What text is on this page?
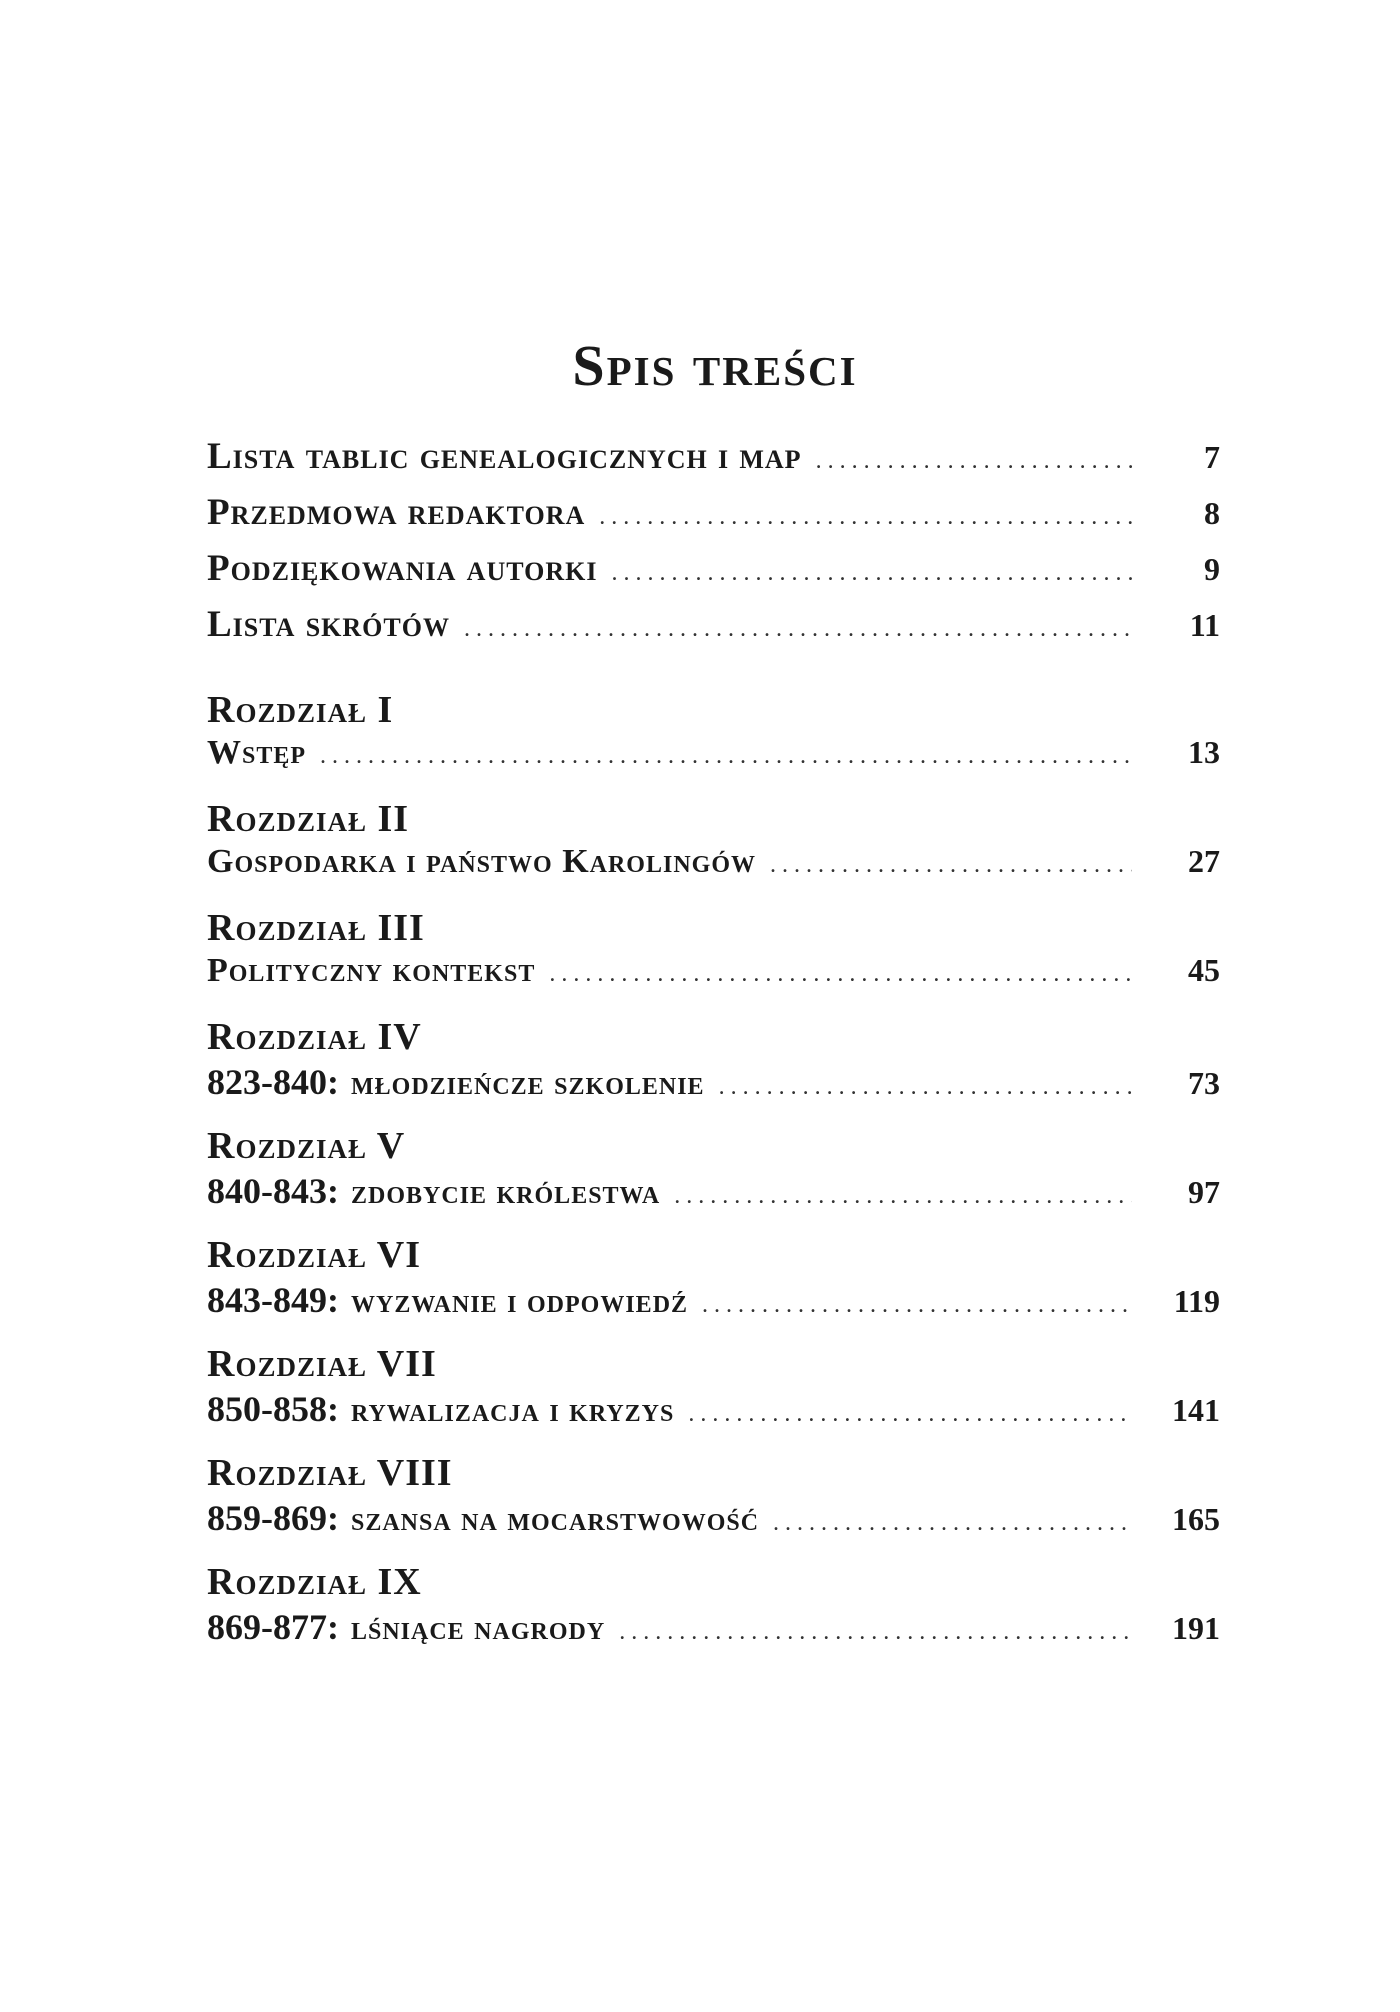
Spis treści
Lista tablic genealogicznych i map . . .	7
Przedmowa redaktora . . .	8
Podziękowania autorki . . .	9
Lista skrótów . . .	11
Rozdział I
Wstęp . . .	13
Rozdział II
Gospodarka i państwo Karolingów . . .	27
Rozdział III
Polityczny kontekst . . .	45
Rozdział IV
823-840: młodzieńcze szkolenie . . .	73
Rozdział V
840-843: zdobycie królestwa . . .	97
Rozdział VI
843-849: wyzwanie i odpowiedź . . .	119
Rozdział VII
850-858: rywalizacja i kryzys . . .	141
Rozdział VIII
859-869: szansa na mocarstwowość . . .	165
Rozdział IX
869-877: lśniące nagrody . . .	191
